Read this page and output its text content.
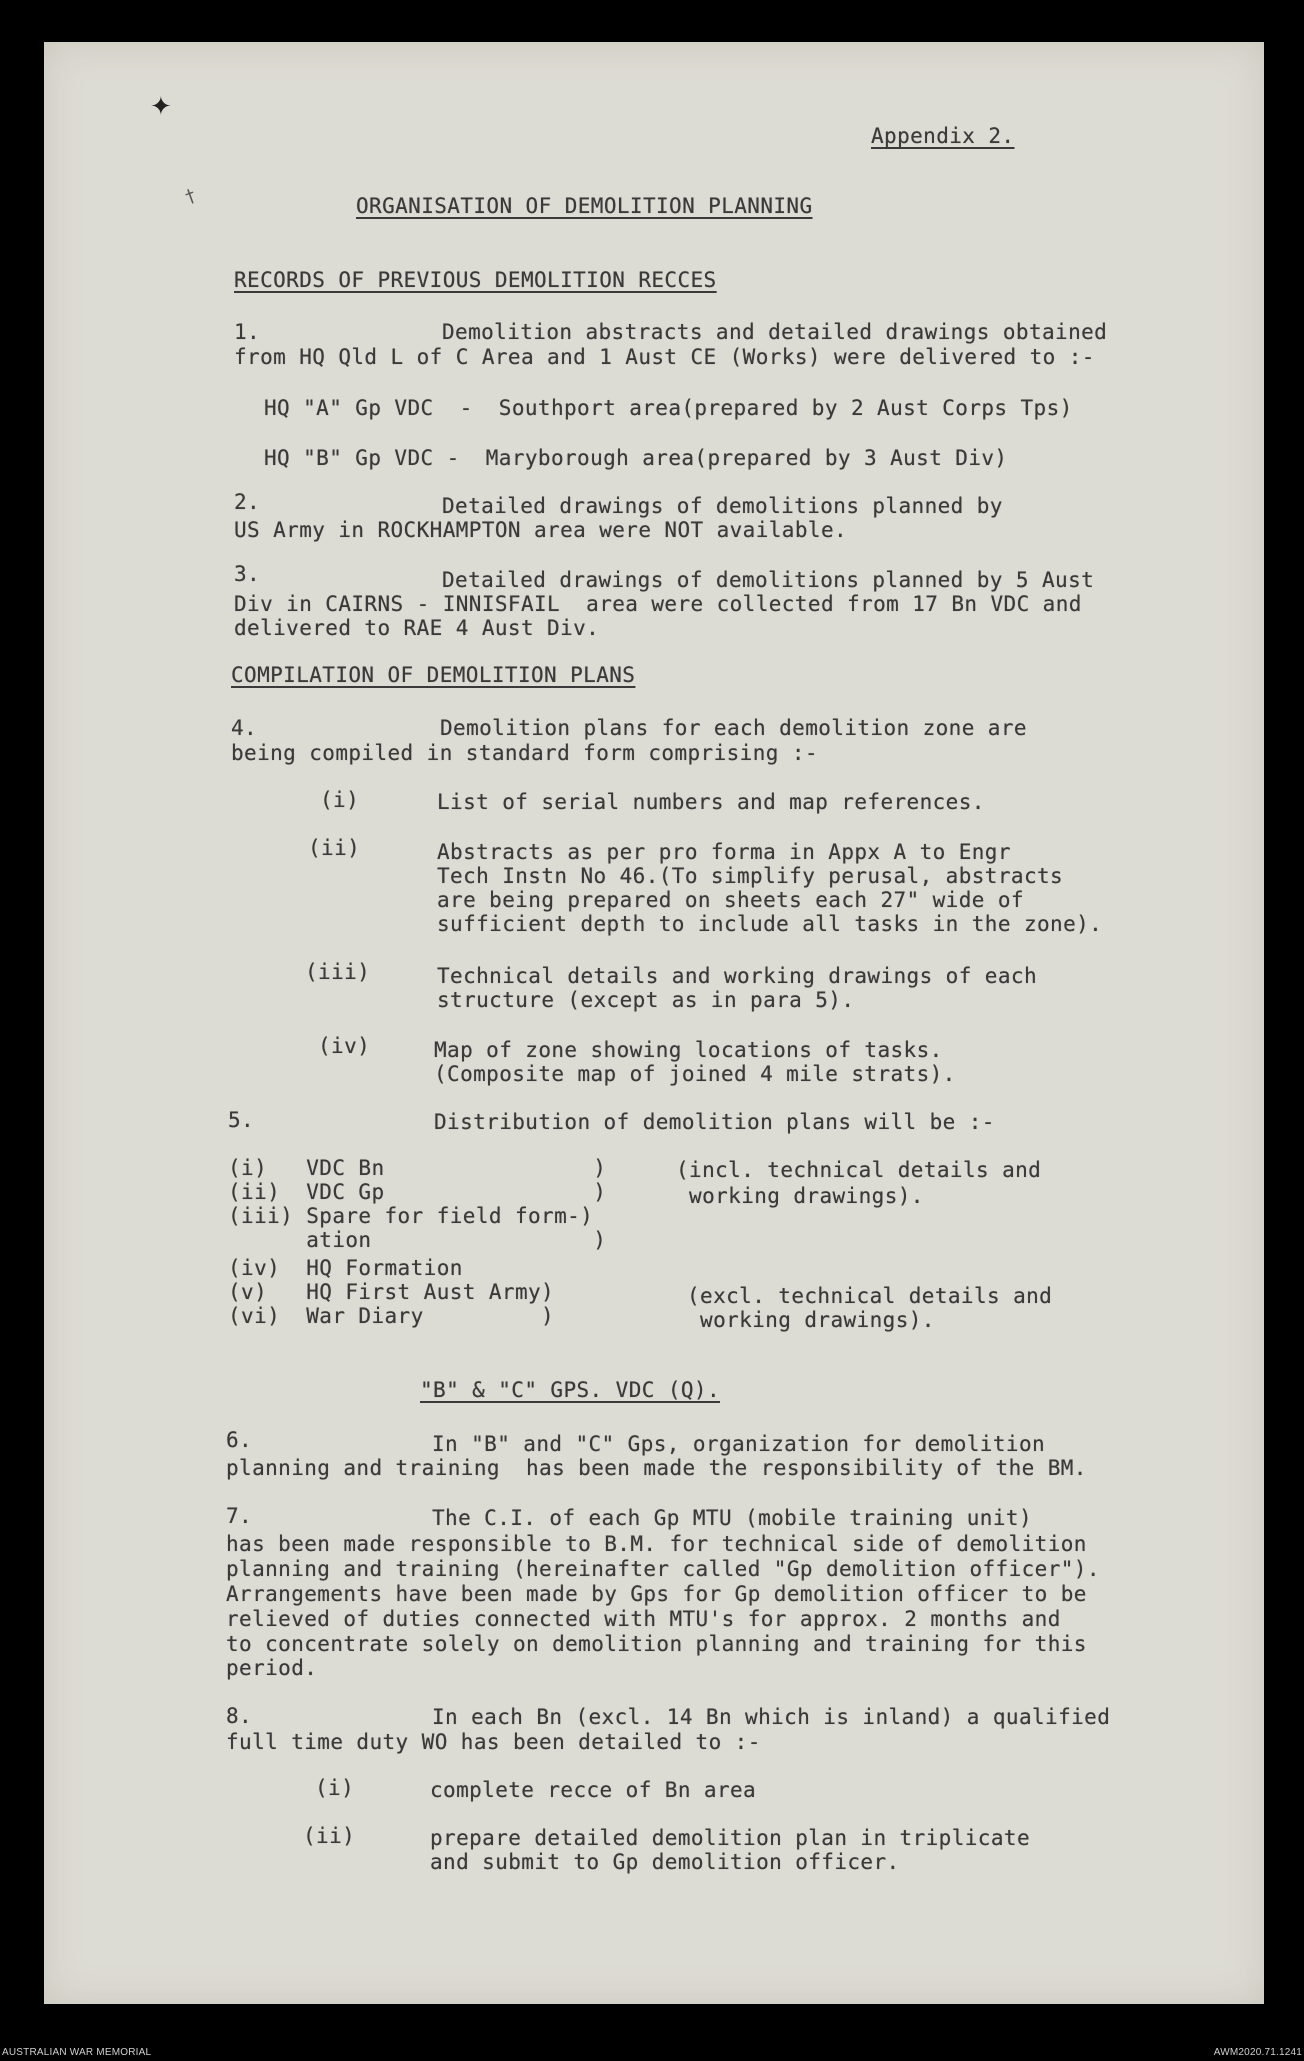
✦
†
Appendix 2.
ORGANISATION OF DEMOLITION PLANNING
RECORDS OF PREVIOUS DEMOLITION RECCES
1.	Demolition abstracts and detailed drawings obtained
from HQ Qld L of C Area and 1 Aust CE (Works) were delivered to :-
HQ "A" Gp VDC  -  Southport area(prepared by 2 Aust Corps Tps)
HQ "B" Gp VDC -  Maryborough area(prepared by 3 Aust Div)
2.	Detailed drawings of demolitions planned by
US Army in ROCKHAMPTON area were NOT available.
3.	Detailed drawings of demolitions planned by 5 Aust
Div in CAIRNS - INNISFAIL  area were collected from 17 Bn VDC and
delivered to RAE 4 Aust Div.
COMPILATION OF DEMOLITION PLANS
4.	Demolition plans for each demolition zone are
being compiled in standard form comprising :-
(i)	List of serial numbers and map references.
(ii)	Abstracts as per pro forma in Appx A to Engr
Tech Instn No 46.(To simplify perusal, abstracts
are being prepared on sheets each 27" wide of
sufficient depth to include all tasks in the zone).
(iii)	Technical details and working drawings of each
structure (except as in para 5).
(iv)	Map of zone showing locations of tasks.
(Composite map of joined 4 mile strats).
5.	Distribution of demolition plans will be :-
(i)   VDC Bn                )
(ii)  VDC Gp                )
(iii) Spare for field form-)
ation                 )
(iv)  HQ Formation
(v)   HQ First Aust Army)
(vi)  War Diary         )
(incl. technical details and
working drawings).
(excl. technical details and
working drawings).
"B" & "C" GPS. VDC (Q).
6.	In "B" and "C" Gps, organization for demolition
planning and training  has been made the responsibility of the BM.
7.	The C.I. of each Gp MTU (mobile training unit)
has been made responsible to B.M. for technical side of demolition
planning and training (hereinafter called "Gp demolition officer").
Arrangements have been made by Gps for Gp demolition officer to be
relieved of duties connected with MTU's for approx. 2 months and
to concentrate solely on demolition planning and training for this
period.
8.	In each Bn (excl. 14 Bn which is inland) a qualified
full time duty WO has been detailed to :-
(i)	complete recce of Bn area
(ii)	prepare detailed demolition plan in triplicate
and submit to Gp demolition officer.
AUSTRALIAN WAR MEMORIAL	AWM2020.71.1241
